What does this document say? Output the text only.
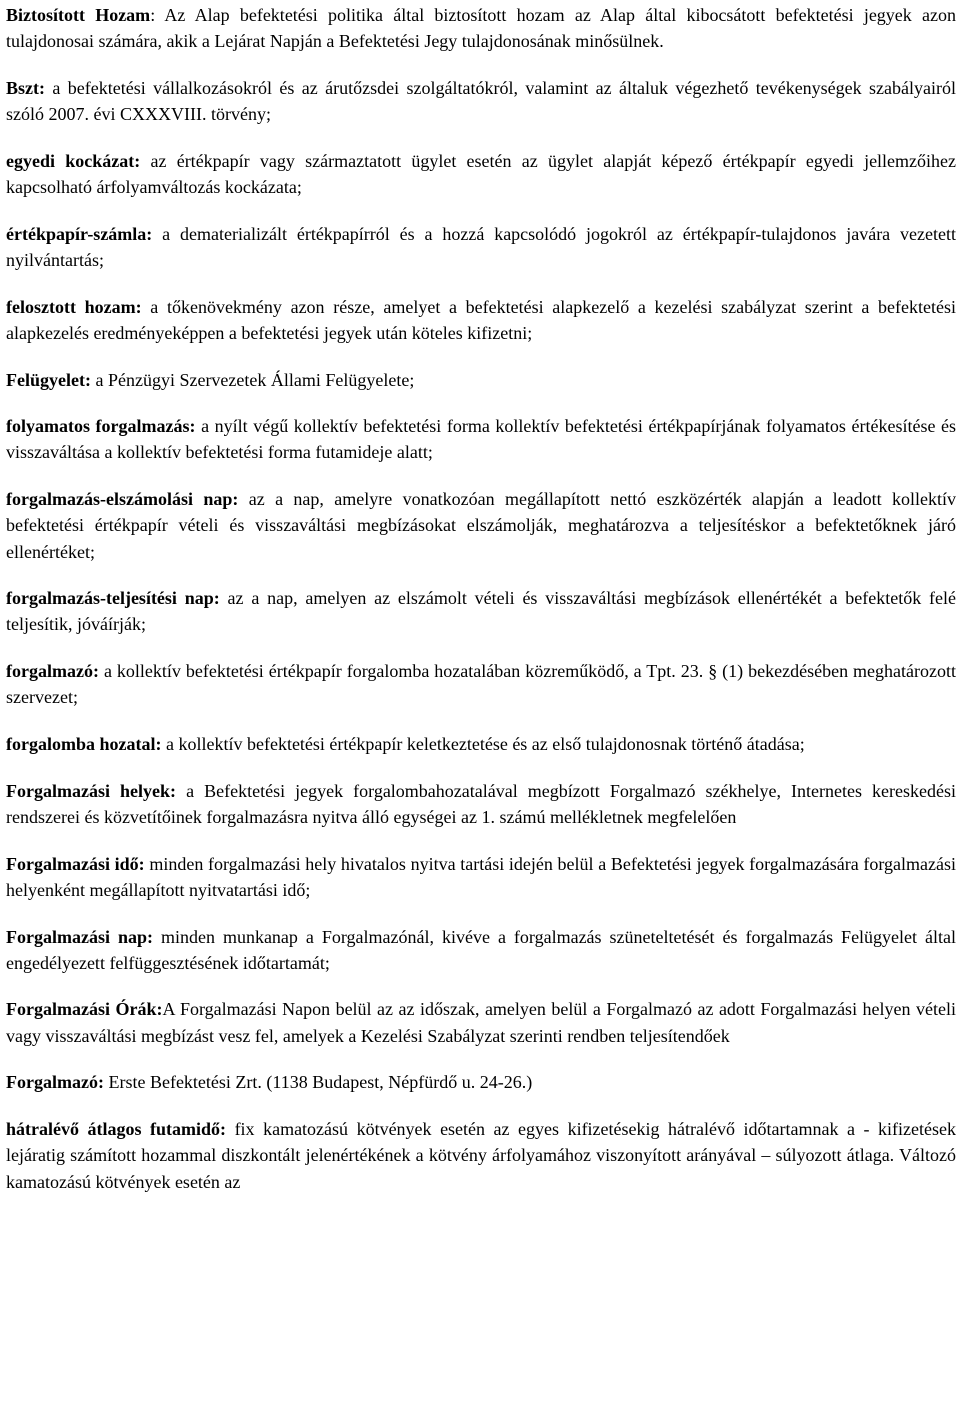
Biztosított Hozam: Az Alap befektetési politika által biztosított hozam az Alap által kibocsátott befektetési jegyek azon tulajdonosai számára, akik a Lejárat Napján a Befektetési Jegy tulajdonosának minősülnek.

Bszt: a befektetési vállalkozásokról és az árutőzsdei szolgáltatókról, valamint az általuk végezhető tevékenységek szabályairól szóló 2007. évi CXXXVIII. törvény;

egyedi kockázat: az értékpapír vagy származtatott ügylet esetén az ügylet alapját képező értékpapír egyedi jellemzőihez kapcsolható árfolyamváltozás kockázata;

értékpapír-számla: a dematerializált értékpapírról és a hozzá kapcsolódó jogokról az értékpapír-tulajdonos javára vezetett nyilvántartás;

felosztott hozam: a tőkenövekmény azon része, amelyet a befektetési alapkezelő a kezelési szabályzat szerint a befektetési alapkezelés eredményeképpen a befektetési jegyek után köteles kifizetni;

Felügyelet: a Pénzügyi Szervezetek Állami Felügyelete;

folyamatos forgalmazás: a nyílt végű kollektív befektetési forma kollektív befektetési értékpapírjának folyamatos értékesítése és visszaváltása a kollektív befektetési forma futamideje alatt;

forgalmazás-elszámolási nap: az a nap, amelyre vonatkozóan megállapított nettó eszközérték alapján a leadott kollektív befektetési értékpapír vételi és visszaváltási megbízásokat elszámolják, meghatározva a teljesítéskor a befektetőknek járó ellenértéket;

forgalmazás-teljesítési nap: az a nap, amelyen az elszámolt vételi és visszaváltási megbízások ellenértékét a befektetők felé teljesítik, jóváírják;

forgalmazó: a kollektív befektetési értékpapír forgalomba hozatalában közreműködő, a Tpt. 23. § (1) bekezdésében meghatározott szervezet;

forgalomba hozatal: a kollektív befektetési értékpapír keletkeztetése és az első tulajdonosnak történő átadása;

Forgalmazási helyek: a Befektetési jegyek forgalombahozatalával megbízott Forgalmazó székhelye, Internetes kereskedési rendszerei és közvetítőinek forgalmazásra nyitva álló egységei az 1. számú mellékletnek megfelelően

Forgalmazási idő: minden forgalmazási hely hivatalos nyitva tartási idején belül a Befektetési jegyek forgalmazására forgalmazási helyenként megállapított nyitvatartási idő;

Forgalmazási nap: minden munkanap a Forgalmazónál, kivéve a forgalmazás szüneteltetését és forgalmazás Felügyelet által engedélyezett felfüggesztésének időtartamát;

Forgalmazási Órák:A Forgalmazási Napon belül az az időszak, amelyen belül a Forgalmazó az adott Forgalmazási helyen vételi vagy visszaváltási megbízást vesz fel, amelyek a Kezelési Szabályzat szerinti rendben teljesítendőek

Forgalmazó: Erste Befektetési Zrt. (1138 Budapest, Népfürdő u. 24-26.)

hátralévő átlagos futamidő: fix kamatozású kötvények esetén az egyes kifizetésekig hátralévő időtartamnak a - kifizetések lejáratig számított hozammal diszkontált jelenértékének a kötvény árfolyamához viszonyított arányával – súlyozott átlaga. Változó kamatozású kötvények esetén az
